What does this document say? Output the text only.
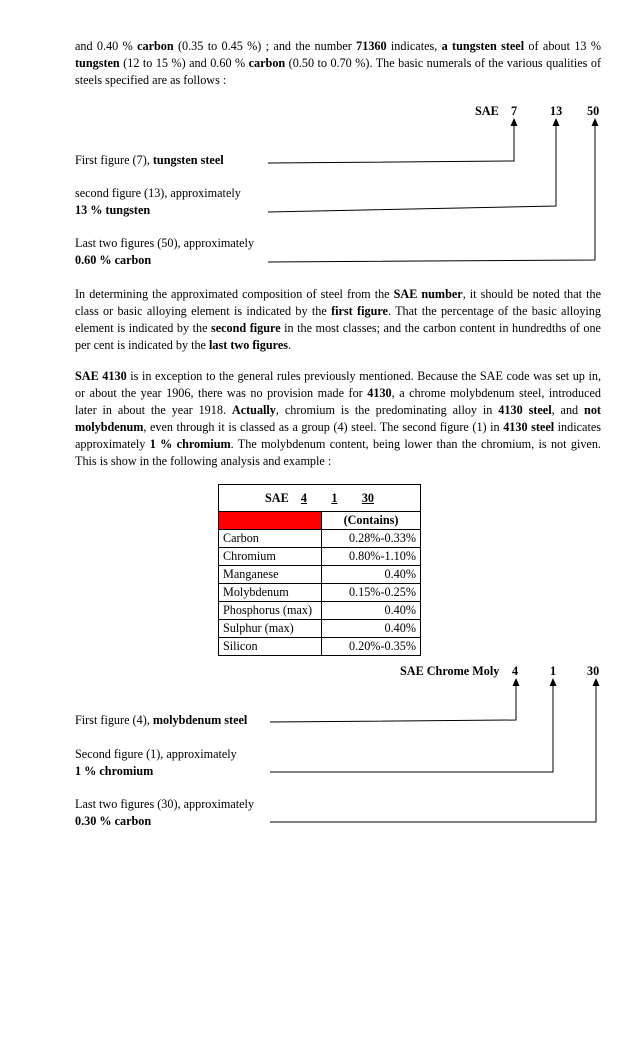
and 0.40 % carbon (0.35 to 0.45 %) ; and the number 71360 indicates, a tungsten steel of about 13 % tungsten (12 to 15 %) and 0.60 % carbon (0.50 to 0.70 %). The basic numerals of the various qualities of steels specified are as follows :
SAE 7	13 50
First figure (7), tungsten steel
second figure (13), approximately
13 % tungsten
Last two figures (50), approximately
0.60 % carbon
In determining the approximated composition of steel from the SAE number, it should be noted that the class or basic alloying element is indicated by the first figure. That the percentage of the basic alloying element is indicated by the second figure in the most classes; and the carbon content in hundredths of one per cent is indicated by the last two figures.
SAE 4130 is in exception to the general rules previously mentioned. Because the SAE code was set up in, or about the year 1906, there was no provision made for 4130, a chrome molybdenum steel, introduced later in about the year 1918. Actually, chromium is the predominating alloy in 4130 steel, and not molybdenum, even through it is classed as a group (4) steel. The second figure (1) in 4130 steel indicates approximately 1 % chromium. The molybdenum content, being lower than the chromium, is not given. This is show in the following analysis and example :
SAE 4 1 30	
	(Contains)
Carbon	0.28%-0.33%
Chromium	0.80%-1.10%
Manganese	0.40%
Molybdenum	0.15%-0.25%
Phosphorus (max)	0.40%
Sulphur (max)	0.40%
Silicon	0.20%-0.35%
SAE Chrome Moly 4	1	30
First figure (4), molybdenum steel
Second figure (1), approximately
1 % chromium
Last two figures (30), approximately
0.30 % carbon
